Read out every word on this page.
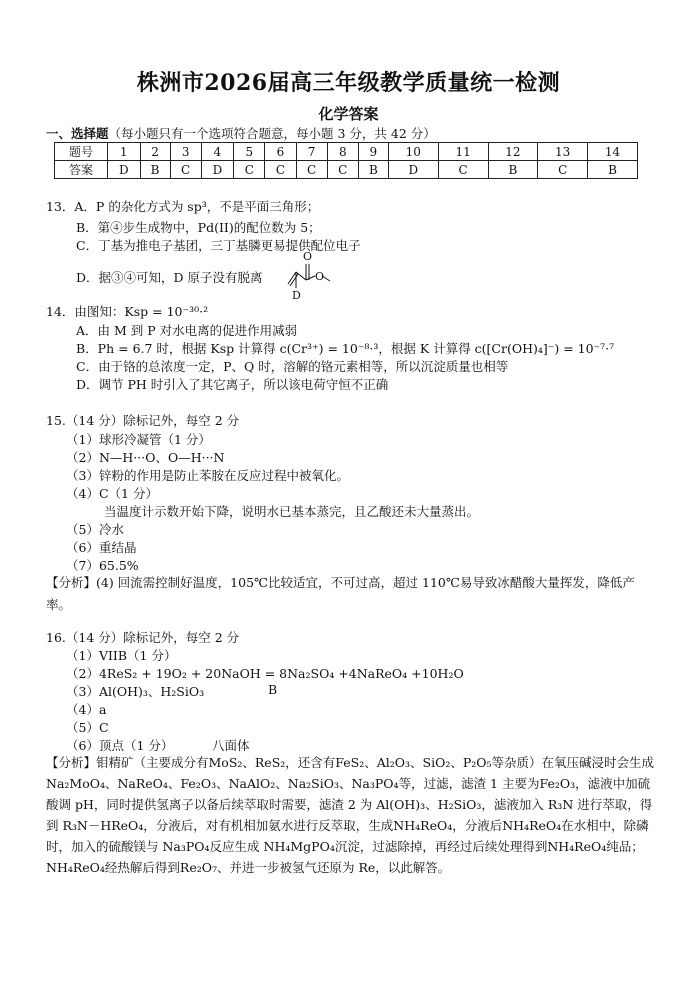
株洲市2026届高三年级教学质量统一检测
化学答案
一、选择题（每小题只有一个选项符合题意，每小题 3 分，共 42 分）
题号	1	2	3	4	5	6	7	8	9	10	11	12	13	14
答案	D	B	C	D	C	C	C	C	B	D	C	B	C	B
13．A．P 的杂化方式为 sp³，不是平面三角形；
B．第④步生成物中，Pd(II)的配位数为 5；
C．丁基为推电子基团，三丁基膦更易提供配位电子
D．据③④可知，D 原子没有脱离
O
O
D
14．由图知：Ksp = 10⁻³⁰·²
A．由 M 到 P 对水电离的促进作用减弱
B．Ph = 6.7 时，根据 Ksp 计算得 c(Cr³⁺) = 10⁻⁸·³，根据 K 计算得 c([Cr(OH)₄]⁻) = 10⁻⁷·⁷
C．由于铬的总浓度一定，P、Q 时，溶解的铬元素相等，所以沉淀质量也相等
D．调节 PH 时引入了其它离子，所以该电荷守恒不正确
15.（14 分）除标记外，每空 2 分
（1）球形冷凝管（1 分）
（2）N—H···O、O—H···N
（3）锌粉的作用是防止苯胺在反应过程中被氧化。
（4）C（1 分）
当温度计示数开始下降，说明水已基本蒸完，且乙酸还未大量蒸出。
（5）冷水
（6）重结晶
（7）65.5%
【分析】(4) 回流需控制好温度，105℃比较适宜，不可过高，超过 110℃易导致冰醋酸大量挥发，降低产率。
16.（14 分）除标记外，每空 2 分
（1）VIIB（1 分）
（2）4ReS₂ + 19O₂ + 20NaOH = 8Na₂SO₄ +4NaReO₄ +10H₂O
（3）Al(OH)₃、H₂SiO₃	B
（4）a
（5）C
（6）顶点（1 分）	八面体
【分析】钼精矿（主要成分有MoS₂、ReS₂，还含有FeS₂、Al₂O₃、SiO₂、P₂O₅等杂质）在氧压碱浸时会生成Na₂MoO₄、NaReO₄、Fe₂O₃、NaAlO₂、Na₂SiO₃、Na₃PO₄等，过滤，滤渣 1 主要为Fe₂O₃，滤液中加硫酸调 pH，同时提供氢离子以备后续萃取时需要，滤渣 2 为 Al(OH)₃、H₂SiO₃，滤液加入 R₃N 进行萃取，得到 R₃N－HReO₄，分液后，对有机相加氨水进行反萃取，生成NH₄ReO₄，分液后NH₄ReO₄在水相中，除磷时，加入的硫酸镁与 Na₃PO₄反应生成 NH₄MgPO₄沉淀，过滤除掉，再经过后续处理得到NH₄ReO₄纯品；NH₄ReO₄经热解后得到Re₂O₇、并进一步被氢气还原为 Re，以此解答。
